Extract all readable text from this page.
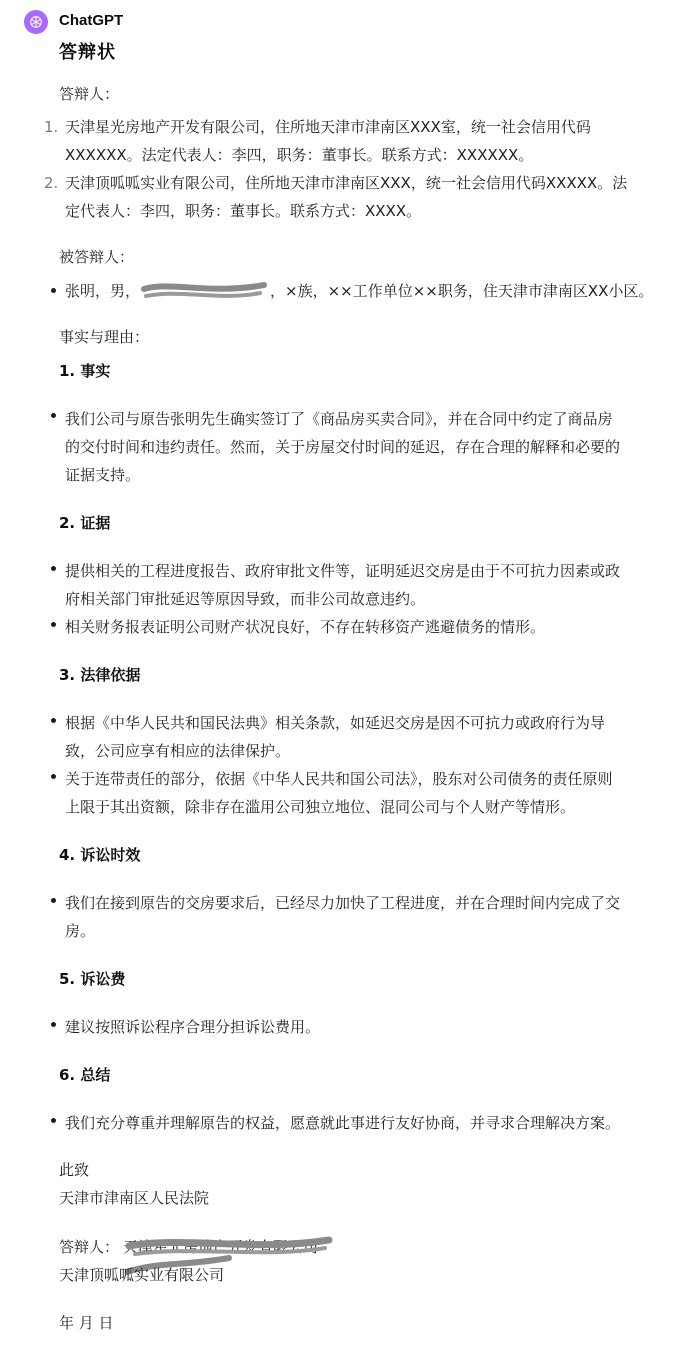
ChatGPT
答辩状
答辩人：
1. 天津星光房地产开发有限公司，住所地天津市津南区XXX室，统一社会信用代码
XXXXXX。法定代表人：李四，职务：董事长。联系方式：XXXXXX。
2. 天津顶呱呱实业有限公司，住所地天津市津南区XXX，统一社会信用代码XXXXX。法
定代表人：李四，职务：董事长。联系方式：XXXX。
被答辩人：
张明，男，	，×族，××工作单位××职务，住天津市津南区XX小区。
事实与理由：
1. 事实
我们公司与原告张明先生确实签订了《商品房买卖合同》，并在合同中约定了商品房
的交付时间和违约责任。然而，关于房屋交付时间的延迟，存在合理的解释和必要的
证据支持。
2. 证据
提供相关的工程进度报告、政府审批文件等，证明延迟交房是由于不可抗力因素或政
府相关部门审批延迟等原因导致，而非公司故意违约。
相关财务报表证明公司财产状况良好，不存在转移资产逃避债务的情形。
3. 法律依据
根据《中华人民共和国民法典》相关条款，如延迟交房是因不可抗力或政府行为导
致，公司应享有相应的法律保护。
关于连带责任的部分，依据《中华人民共和国公司法》，股东对公司债务的责任原则
上限于其出资额，除非存在滥用公司独立地位、混同公司与个人财产等情形。
4. 诉讼时效
我们在接到原告的交房要求后，已经尽力加快了工程进度，并在合理时间内完成了交
房。
5. 诉讼费
建议按照诉讼程序合理分担诉讼费用。
6. 总结
我们充分尊重并理解原告的权益，愿意就此事进行友好协商，并寻求合理解决方案。
此致
天津市津南区人民法院
答辩人： 天津星光房地产开发有限公司
天津顶呱呱实业有限公司
年 月 日
